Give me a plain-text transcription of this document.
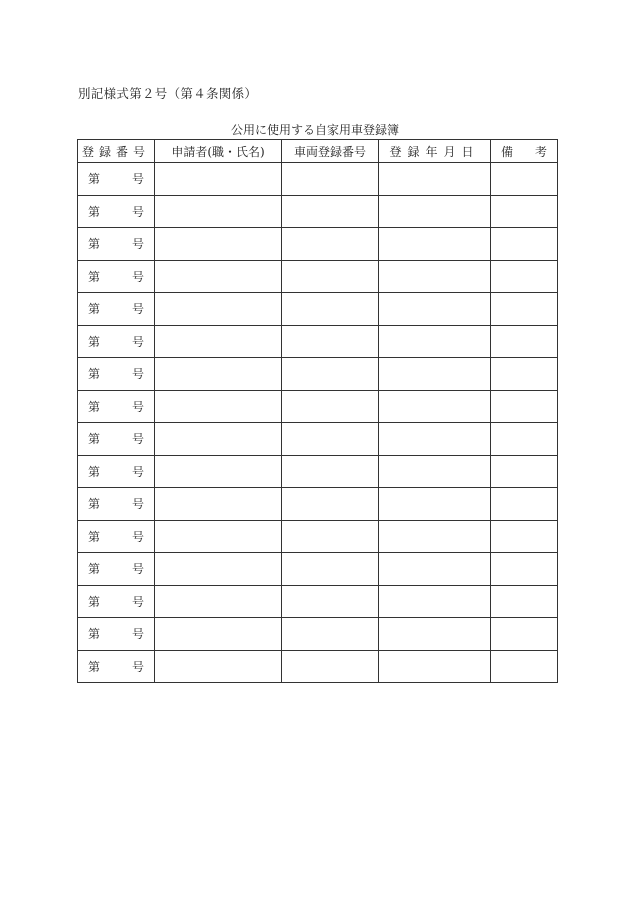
別記様式第２号（第４条関係）
公用に使用する自家用車登録簿
登録番号	申請者(職・氏名)	車両登録番号	登録年月日	備 考

第 号				

第 号				

第 号				

第 号				

第 号				

第 号				

第 号				

第 号				

第 号				

第 号				

第 号				

第 号				

第 号				

第 号				

第 号				

第 号				
